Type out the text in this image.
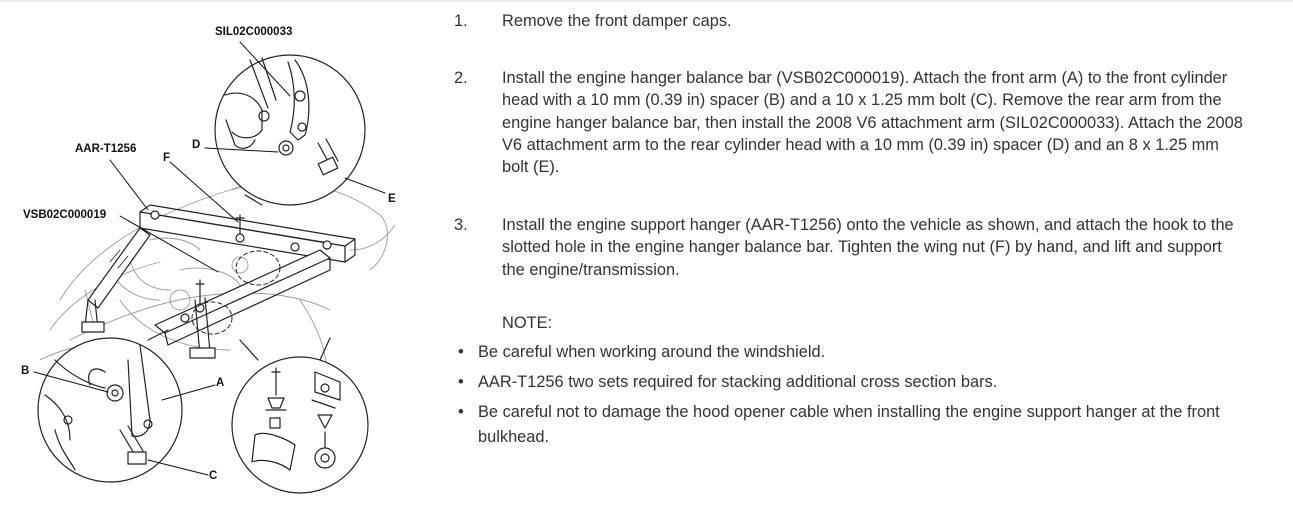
SIL02C000033
AAR-T1256
VSB02C000019
D
F
E
B
A
C
1. Remove the front damper caps.
2. Install the engine hanger balance bar (VSB02C000019). Attach the front arm (A) to the front cylinder head with a 10 mm (0.39 in) spacer (B) and a 10 x 1.25 mm bolt (C). Remove the rear arm from the engine hanger balance bar, then install the 2008 V6 attachment arm (SIL02C000033). Attach the 2008 V6 attachment arm to the rear cylinder head with a 10 mm (0.39 in) spacer (D) and an 8 x 1.25 mm bolt (E).
3. Install the engine support hanger (AAR-T1256) onto the vehicle as shown, and attach the hook to the slotted hole in the engine hanger balance bar. Tighten the wing nut (F) by hand, and lift and support the engine/transmission.
NOTE:
• Be careful when working around the windshield.
• AAR-T1256 two sets required for stacking additional cross section bars.
• Be careful not to damage the hood opener cable when installing the engine support hanger at the front bulkhead.
